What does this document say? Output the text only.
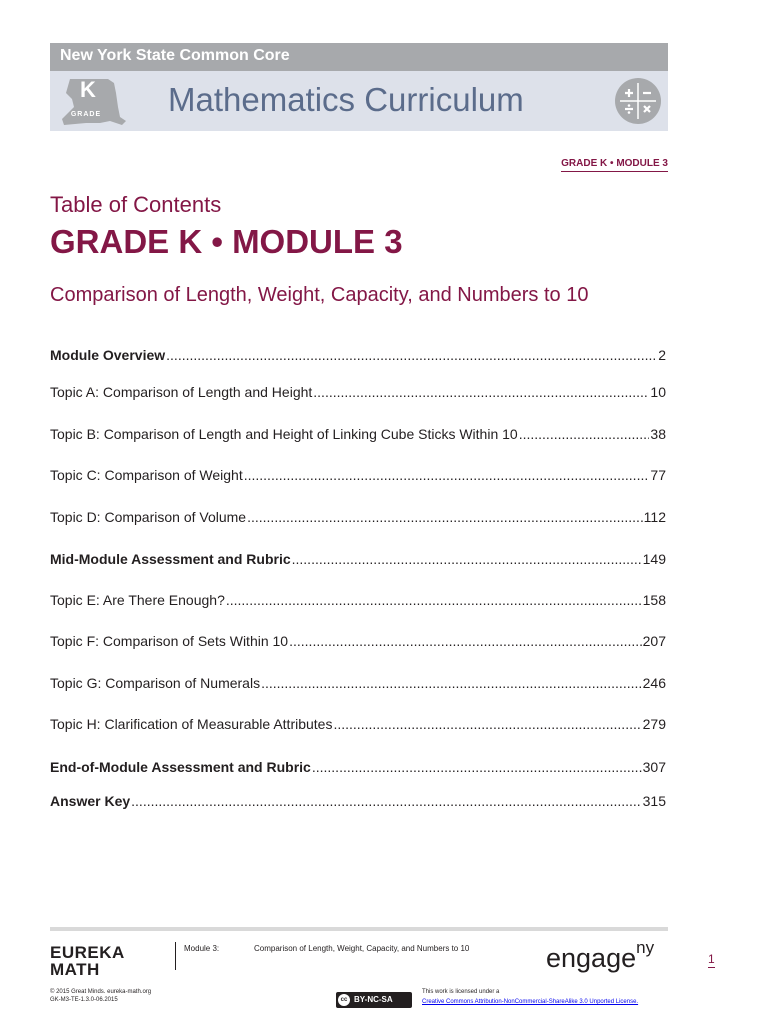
New York State Common Core
K
GRADE Mathematics Curriculum
GRADE K • MODULE 3
Table of Contents
GRADE K • MODULE 3
Comparison of Length, Weight, Capacity, and Numbers to 10
Module Overview .....	2
Topic A: Comparison of Length and Height .....	10
Topic B: Comparison of Length and Height of Linking Cube Sticks Within 10 .....	38
Topic C: Comparison of Weight .....	77
Topic D: Comparison of Volume .....	112
Mid-Module Assessment and Rubric .....	149
Topic E: Are There Enough? .....	158
Topic F: Comparison of Sets Within 10 .....	207
Topic G: Comparison of Numerals .....	246
Topic H: Clarification of Measurable Attributes .....	279
End-of-Module Assessment and Rubric .....	307
Answer Key .....	315
EUREKA
MATH
Module 3:	Comparison of Length, Weight, Capacity, and Numbers to 10	engage$^{ny}$
1
© 2015 Great Minds. eureka-math.org
GK-M3-TE-1.3.0-06.2015	cc BY-NC-SA
This work is licensed under a
Creative Commons Attribution-NonCommercial-ShareAlike 3.0 Unported License.
